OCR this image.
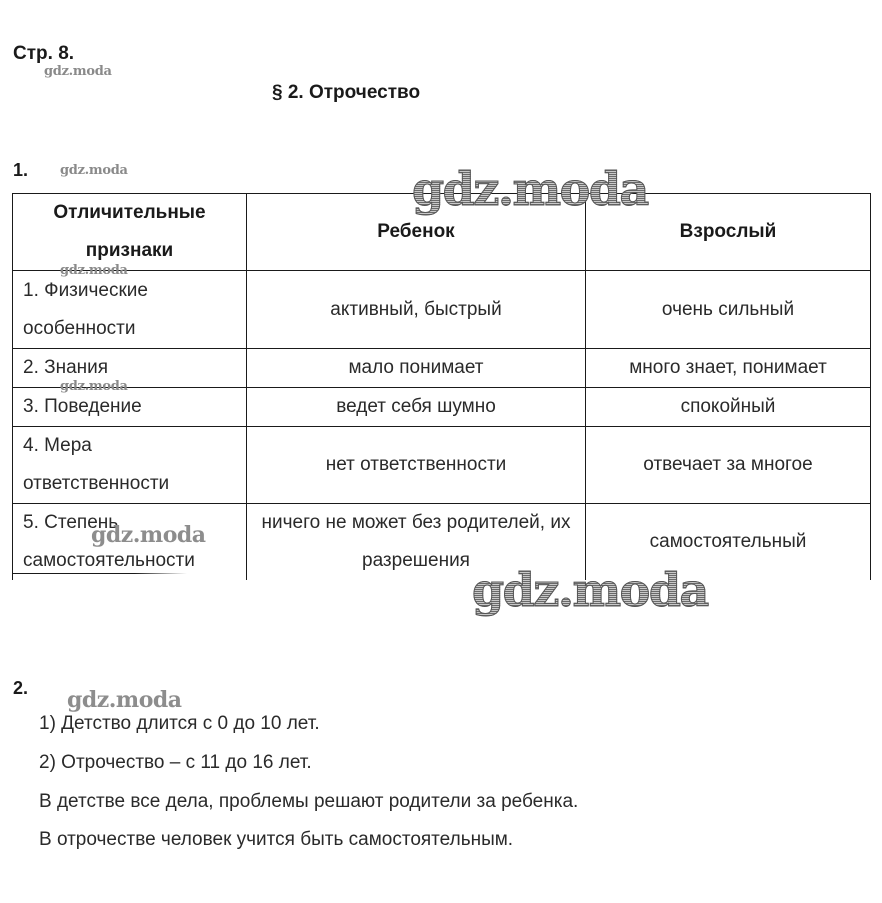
Стр. 8.
gdz.moda
§ 2. Отрочество
1. gdz.moda
Отличительные признаки	Ребенок	Взрослый
1. Физические особенности	активный, быстрый	очень сильный
2. Знания	мало понимает	много знает, понимает
3. Поведение	ведет себя шумно	спокойный
4. Мера ответственности	нет ответственности	отвечает за многое
5. Степень самостоятельности	ничего не может без родителей, их разрешения	самостоятельный
gdz.moda
gdz.moda
gdz.moda
gdz.moda
gdz.moda
2. gdz.moda
1) Детство длится с 0 до 10 лет.
2) Отрочество – с 11 до 16 лет.
В детстве все дела, проблемы решают родители за ребенка.
В отрочестве человек учится быть самостоятельным.
